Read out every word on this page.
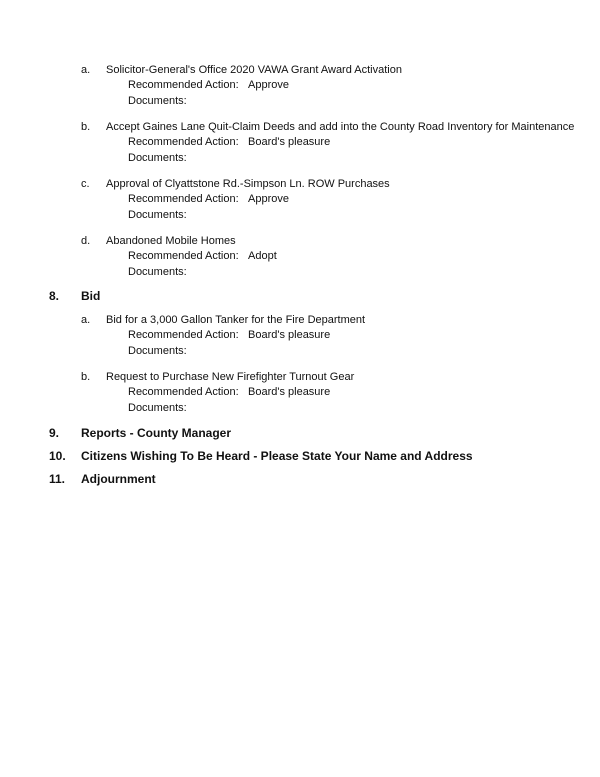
a. Solicitor-General's Office 2020 VAWA Grant Award Activation
Recommended Action: Approve
Documents:
b. Accept Gaines Lane Quit-Claim Deeds and add into the County Road Inventory for Maintenance
Recommended Action: Board's pleasure
Documents:
c. Approval of Clyattstone Rd.-Simpson Ln. ROW Purchases
Recommended Action: Approve
Documents:
d. Abandoned Mobile Homes
Recommended Action: Adopt
Documents:
8. Bid
a. Bid for a 3,000 Gallon Tanker for the Fire Department
Recommended Action: Board's pleasure
Documents:
b. Request to Purchase New Firefighter Turnout Gear
Recommended Action: Board's pleasure
Documents:
9. Reports - County Manager
10. Citizens Wishing To Be Heard - Please State Your Name and Address
11. Adjournment
